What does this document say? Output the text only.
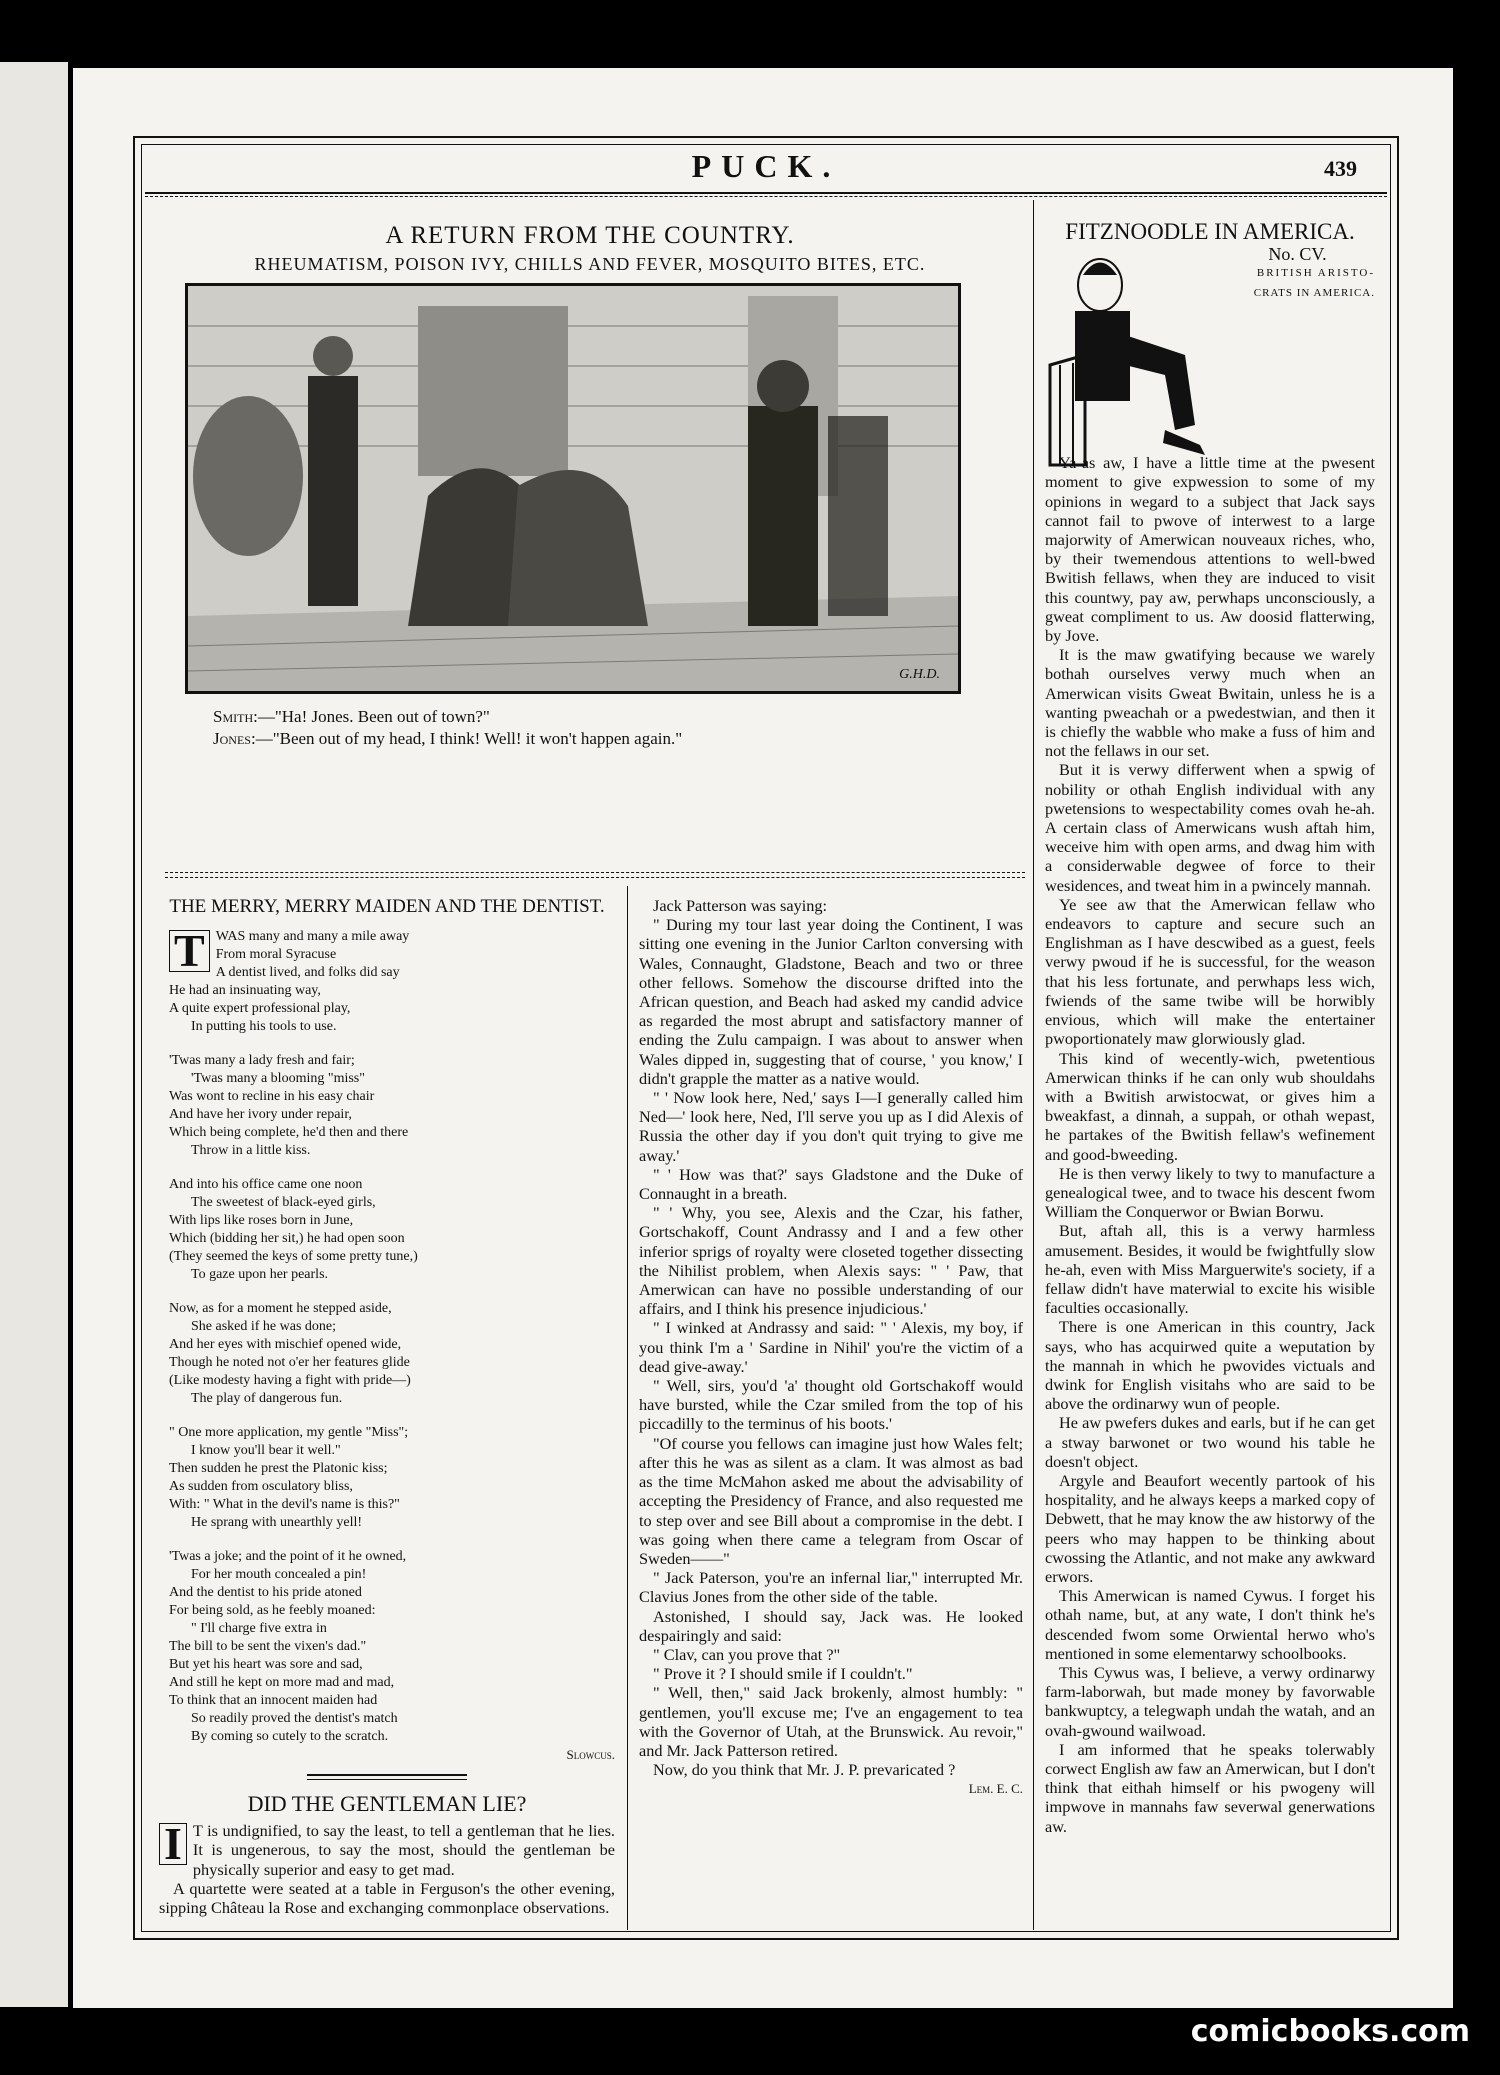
PUCK.	439
A RETURN FROM THE COUNTRY.
RHEUMATISM, POISON IVY, CHILLS AND FEVER, MOSQUITO BITES, ETC.
G.H.D.
Smith:—"Ha! Jones. Been out of town?"
Jones:—"Been out of my head, I think! Well! it won't happen again."
THE MERRY, MERRY MAIDEN AND THE DENTIST.
T WAS many and many a mile away
From moral Syracuse
A dentist lived, and folks did say
He had an insinuating way,
A quite expert professional play,
In putting his tools to use.
'Twas many a lady fresh and fair;
'Twas many a blooming "miss"
Was wont to recline in his easy chair
And have her ivory under repair,
Which being complete, he'd then and there
Throw in a little kiss.
And into his office came one noon
The sweetest of black-eyed girls,
With lips like roses born in June,
Which (bidding her sit,) he had open soon
(They seemed the keys of some pretty tune,)
To gaze upon her pearls.
Now, as for a moment he stepped aside,
She asked if he was done;
And her eyes with mischief opened wide,
Though he noted not o'er her features glide
(Like modesty having a fight with pride—)
The play of dangerous fun.
" One more application, my gentle "Miss";
I know you'll bear it well."
Then sudden he prest the Platonic kiss;
As sudden from osculatory bliss,
With: " What in the devil's name is this?"
He sprang with unearthly yell!
'Twas a joke; and the point of it he owned,
For her mouth concealed a pin!
And the dentist to his pride atoned
For being sold, as he feebly moaned:
" I'll charge five extra in
The bill to be sent the vixen's dad."
But yet his heart was sore and sad,
And still he kept on more mad and mad,
To think that an innocent maiden had
So readily proved the dentist's match
By coming so cutely to the scratch.
Slowcus.
DID THE GENTLEMAN LIE?
I T is undignified, to say the least, to tell a gentleman that he lies. It is ungenerous, to say the most, should the gentleman be physically superior and easy to get mad.

A quartette were seated at a table in Ferguson's the other evening, sipping Château la Rose and exchanging commonplace observations.

Jack Patterson was saying:

" During my tour last year doing the Continent, I was sitting one evening in the Junior Carlton conversing with Wales, Connaught, Gladstone, Beach and two or three other fellows. Somehow the discourse drifted into the African question, and Beach had asked my candid advice as regarded the most abrupt and satisfactory manner of ending the Zulu campaign. I was about to answer when Wales dipped in, suggesting that of course, ' you know,' I didn't grapple the matter as a native would.

" ' Now look here, Ned,' says I—I generally called him Ned—' look here, Ned, I'll serve you up as I did Alexis of Russia the other day if you don't quit trying to give me away.'

" ' How was that?' says Gladstone and the Duke of Connaught in a breath.

" ' Why, you see, Alexis and the Czar, his father, Gortschakoff, Count Andrassy and I and a few other inferior sprigs of royalty were closeted together dissecting the Nihilist problem, when Alexis says: " ' Paw, that Amerwican can have no possible understanding of our affairs, and I think his presence injudicious.'

" I winked at Andrassy and said: " ' Alexis, my boy, if you think I'm a ' Sardine in Nihil' you're the victim of a dead give-away.'

" Well, sirs, you'd 'a' thought old Gortschakoff would have bursted, while the Czar smiled from the top of his piccadilly to the terminus of his boots.'

"Of course you fellows can imagine just how Wales felt; after this he was as silent as a clam. It was almost as bad as the time McMahon asked me about the advisability of accepting the Presidency of France, and also requested me to step over and see Bill about a compromise in the debt. I was going when there came a telegram from Oscar of Sweden——"

" Jack Paterson, you're an infernal liar," interrupted Mr. Clavius Jones from the other side of the table.

Astonished, I should say, Jack was. He looked despairingly and said:

" Clav, can you prove that ?"

" Prove it ? I should smile if I couldn't."

" Well, then," said Jack brokenly, almost humbly: " gentlemen, you'll excuse me; I've an engagement to tea with the Governor of Utah, at the Brunswick. Au revoir," and Mr. Jack Patterson retired.

Now, do you think that Mr. J. P. prevaricated ?

Lem. E. C.
FITZNOODLE IN AMERICA.
No. CV.
BRITISH ARISTO-
CRATS IN AMERICA.

Ya-as aw, I have a little time at the pwesent moment to give expwession to some of my opinions in wegard to a subject that Jack says cannot fail to pwove of interwest to a large majorwity of Amerwican nouveaux riches, who, by their twemendous attentions to well-bwed Bwitish fellaws, when they are induced to visit this countwy, pay aw, perwhaps unconsciously, a gweat compliment to us. Aw doosid flatterwing, by Jove.

It is the maw gwatifying because we warely bothah ourselves verwy much when an Amerwican visits Gweat Bwitain, unless he is a wanting pweachah or a pwedestwian, and then it is chiefly the wabble who make a fuss of him and not the fellaws in our set.

But it is verwy differwent when a spwig of nobility or othah English individual with any pwetensions to wespectability comes ovah he-ah. A certain class of Amerwicans wush aftah him, weceive him with open arms, and dwag him with a considerwable degwee of force to their wesidences, and tweat him in a pwincely mannah.

Ye see aw that the Amerwican fellaw who endeavors to capture and secure such an Englishman as I have descwibed as a guest, feels verwy pwoud if he is successful, for the weason that his less fortunate, and perwhaps less wich, fwiends of the same twibe will be horwibly envious, which will make the entertainer pwoportionately maw glorwiously glad.

This kind of wecently-wich, pwetentious Amerwican thinks if he can only wub shouldahs with a Bwitish arwistocwat, or gives him a bweakfast, a dinnah, a suppah, or othah wepast, he partakes of the Bwitish fellaw's wefinement and good-bweeding.

He is then verwy likely to twy to manufacture a genealogical twee, and to twace his descent fwom William the Conquerwor or Bwian Borwu.

But, aftah all, this is a verwy harmless amusement. Besides, it would be fwightfully slow he-ah, even with Miss Marguerwite's society, if a fellaw didn't have materwial to excite his wisible faculties occasionally.

There is one American in this country, Jack says, who has acquirwed quite a weputation by the mannah in which he pwovides victuals and dwink for English visitahs who are said to be above the ordinarwy wun of people.

He aw pwefers dukes and earls, but if he can get a stway barwonet or two wound his table he doesn't object.

Argyle and Beaufort wecently partook of his hospitality, and he always keeps a marked copy of Debwett, that he may know the aw historwy of the peers who may happen to be thinking about cwossing the Atlantic, and not make any awkward erwors.

This Amerwican is named Cywus. I forget his othah name, but, at any wate, I don't think he's descended fwom some Orwiental herwo who's mentioned in some elementarwy schoolbooks.

This Cywus was, I believe, a verwy ordinarwy farm-laborwah, but made money by favorwable bankwuptcy, a telegwaph undah the watah, and an ovah-gwound wailwoad.

I am informed that he speaks tolerwably corwect English aw faw an Amerwican, but I don't think that eithah himself or his pwogeny will impwove in mannahs faw severwal generwations aw.

comicbooks.com
